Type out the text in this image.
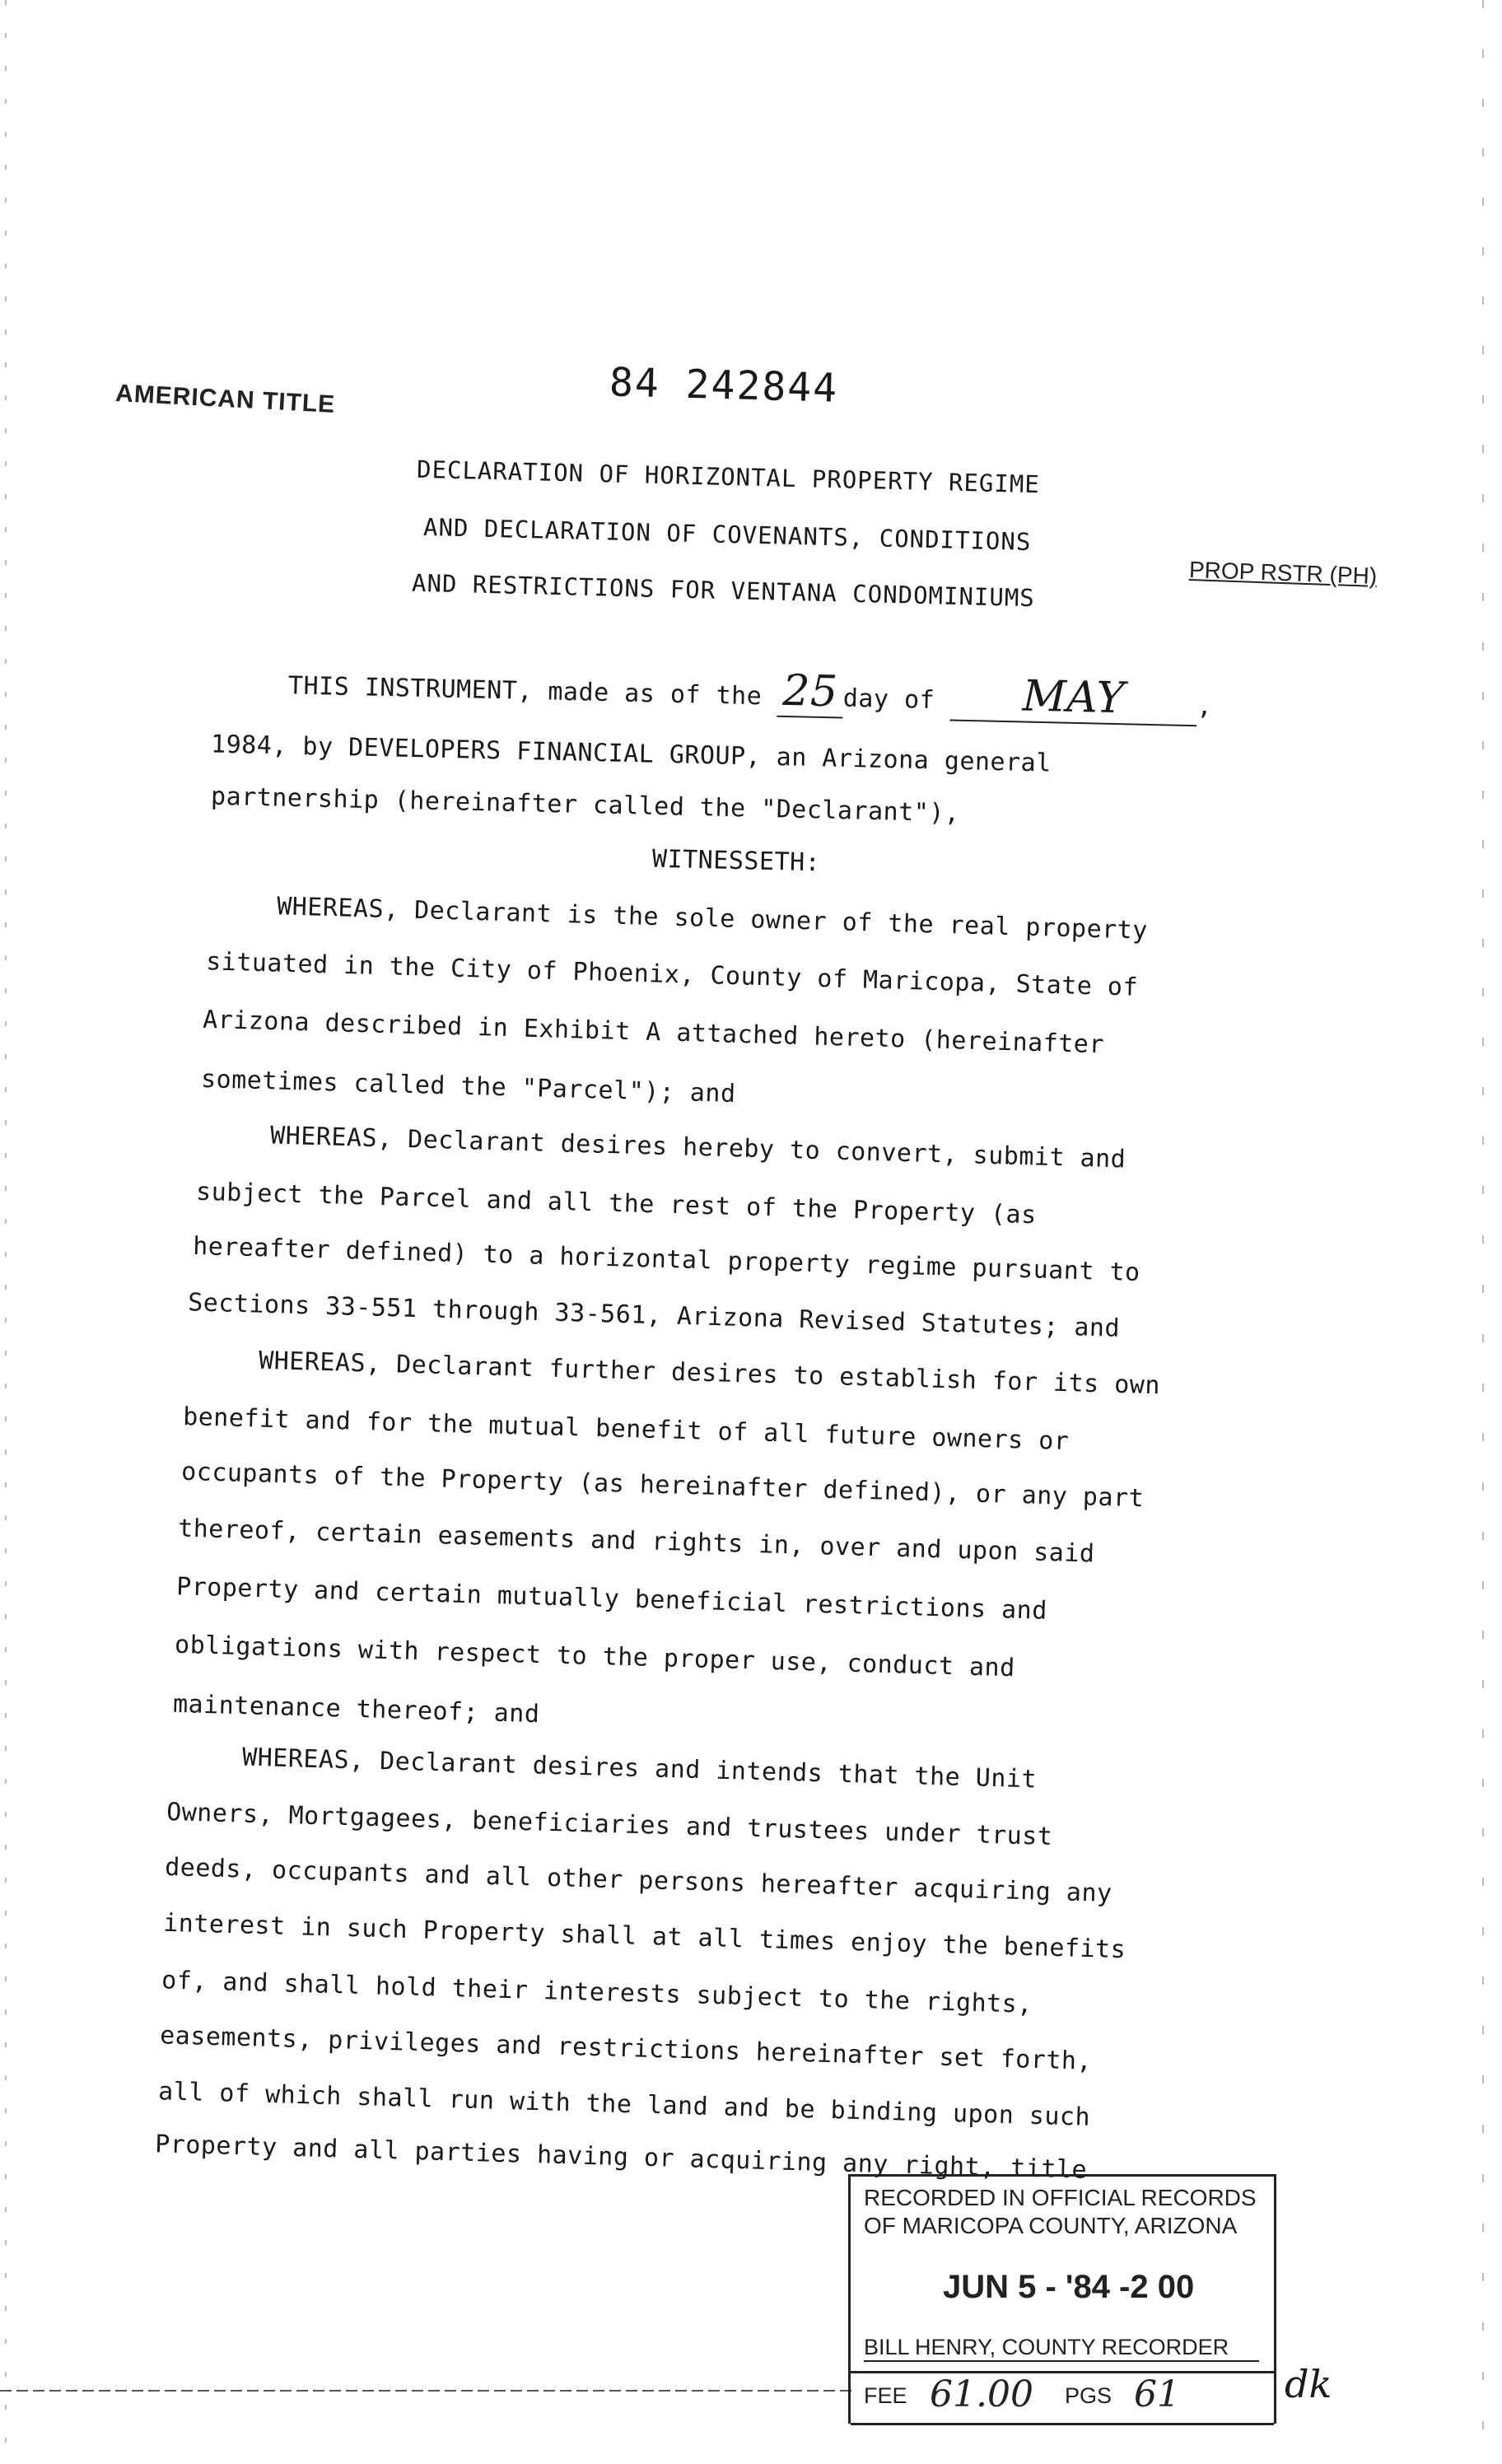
AMERICAN TITLE	84 242844
PROP RSTR (PH)
DECLARATION OF HORIZONTAL PROPERTY REGIME
AND DECLARATION OF COVENANTS, CONDITIONS
AND RESTRICTIONS FOR VENTANA CONDOMINIUMS
THIS INSTRUMENT, made as of the 25 day of MAY	,
1984, by DEVELOPERS FINANCIAL GROUP, an Arizona general
partnership (hereinafter called the "Declarant"),
WITNESSETH:
WHEREAS, Declarant is the sole owner of the real property
situated in the City of Phoenix, County of Maricopa, State of
Arizona described in Exhibit A attached hereto (hereinafter
sometimes called the "Parcel"); and
WHEREAS, Declarant desires hereby to convert, submit and
subject the Parcel and all the rest of the Property (as
hereafter defined) to a horizontal property regime pursuant to
Sections 33-551 through 33-561, Arizona Revised Statutes; and
WHEREAS, Declarant further desires to establish for its own
benefit and for the mutual benefit of all future owners or
occupants of the Property (as hereinafter defined), or any part
thereof, certain easements and rights in, over and upon said
Property and certain mutually beneficial restrictions and
obligations with respect to the proper use, conduct and
maintenance thereof; and
WHEREAS, Declarant desires and intends that the Unit
Owners, Mortgagees, beneficiaries and trustees under trust
deeds, occupants and all other persons hereafter acquiring any
interest in such Property shall at all times enjoy the benefits
of, and shall hold their interests subject to the rights,
easements, privileges and restrictions hereinafter set forth,
all of which shall run with the land and be binding upon such
Property and all parties having or acquiring any right, title
RECORDED IN OFFICIAL RECORDS
OF MARICOPA COUNTY, ARIZONA
JUN 5 - '84 -2 00
BILL HENRY, COUNTY RECORDER
FEE 61.00 PGS 61	dk
